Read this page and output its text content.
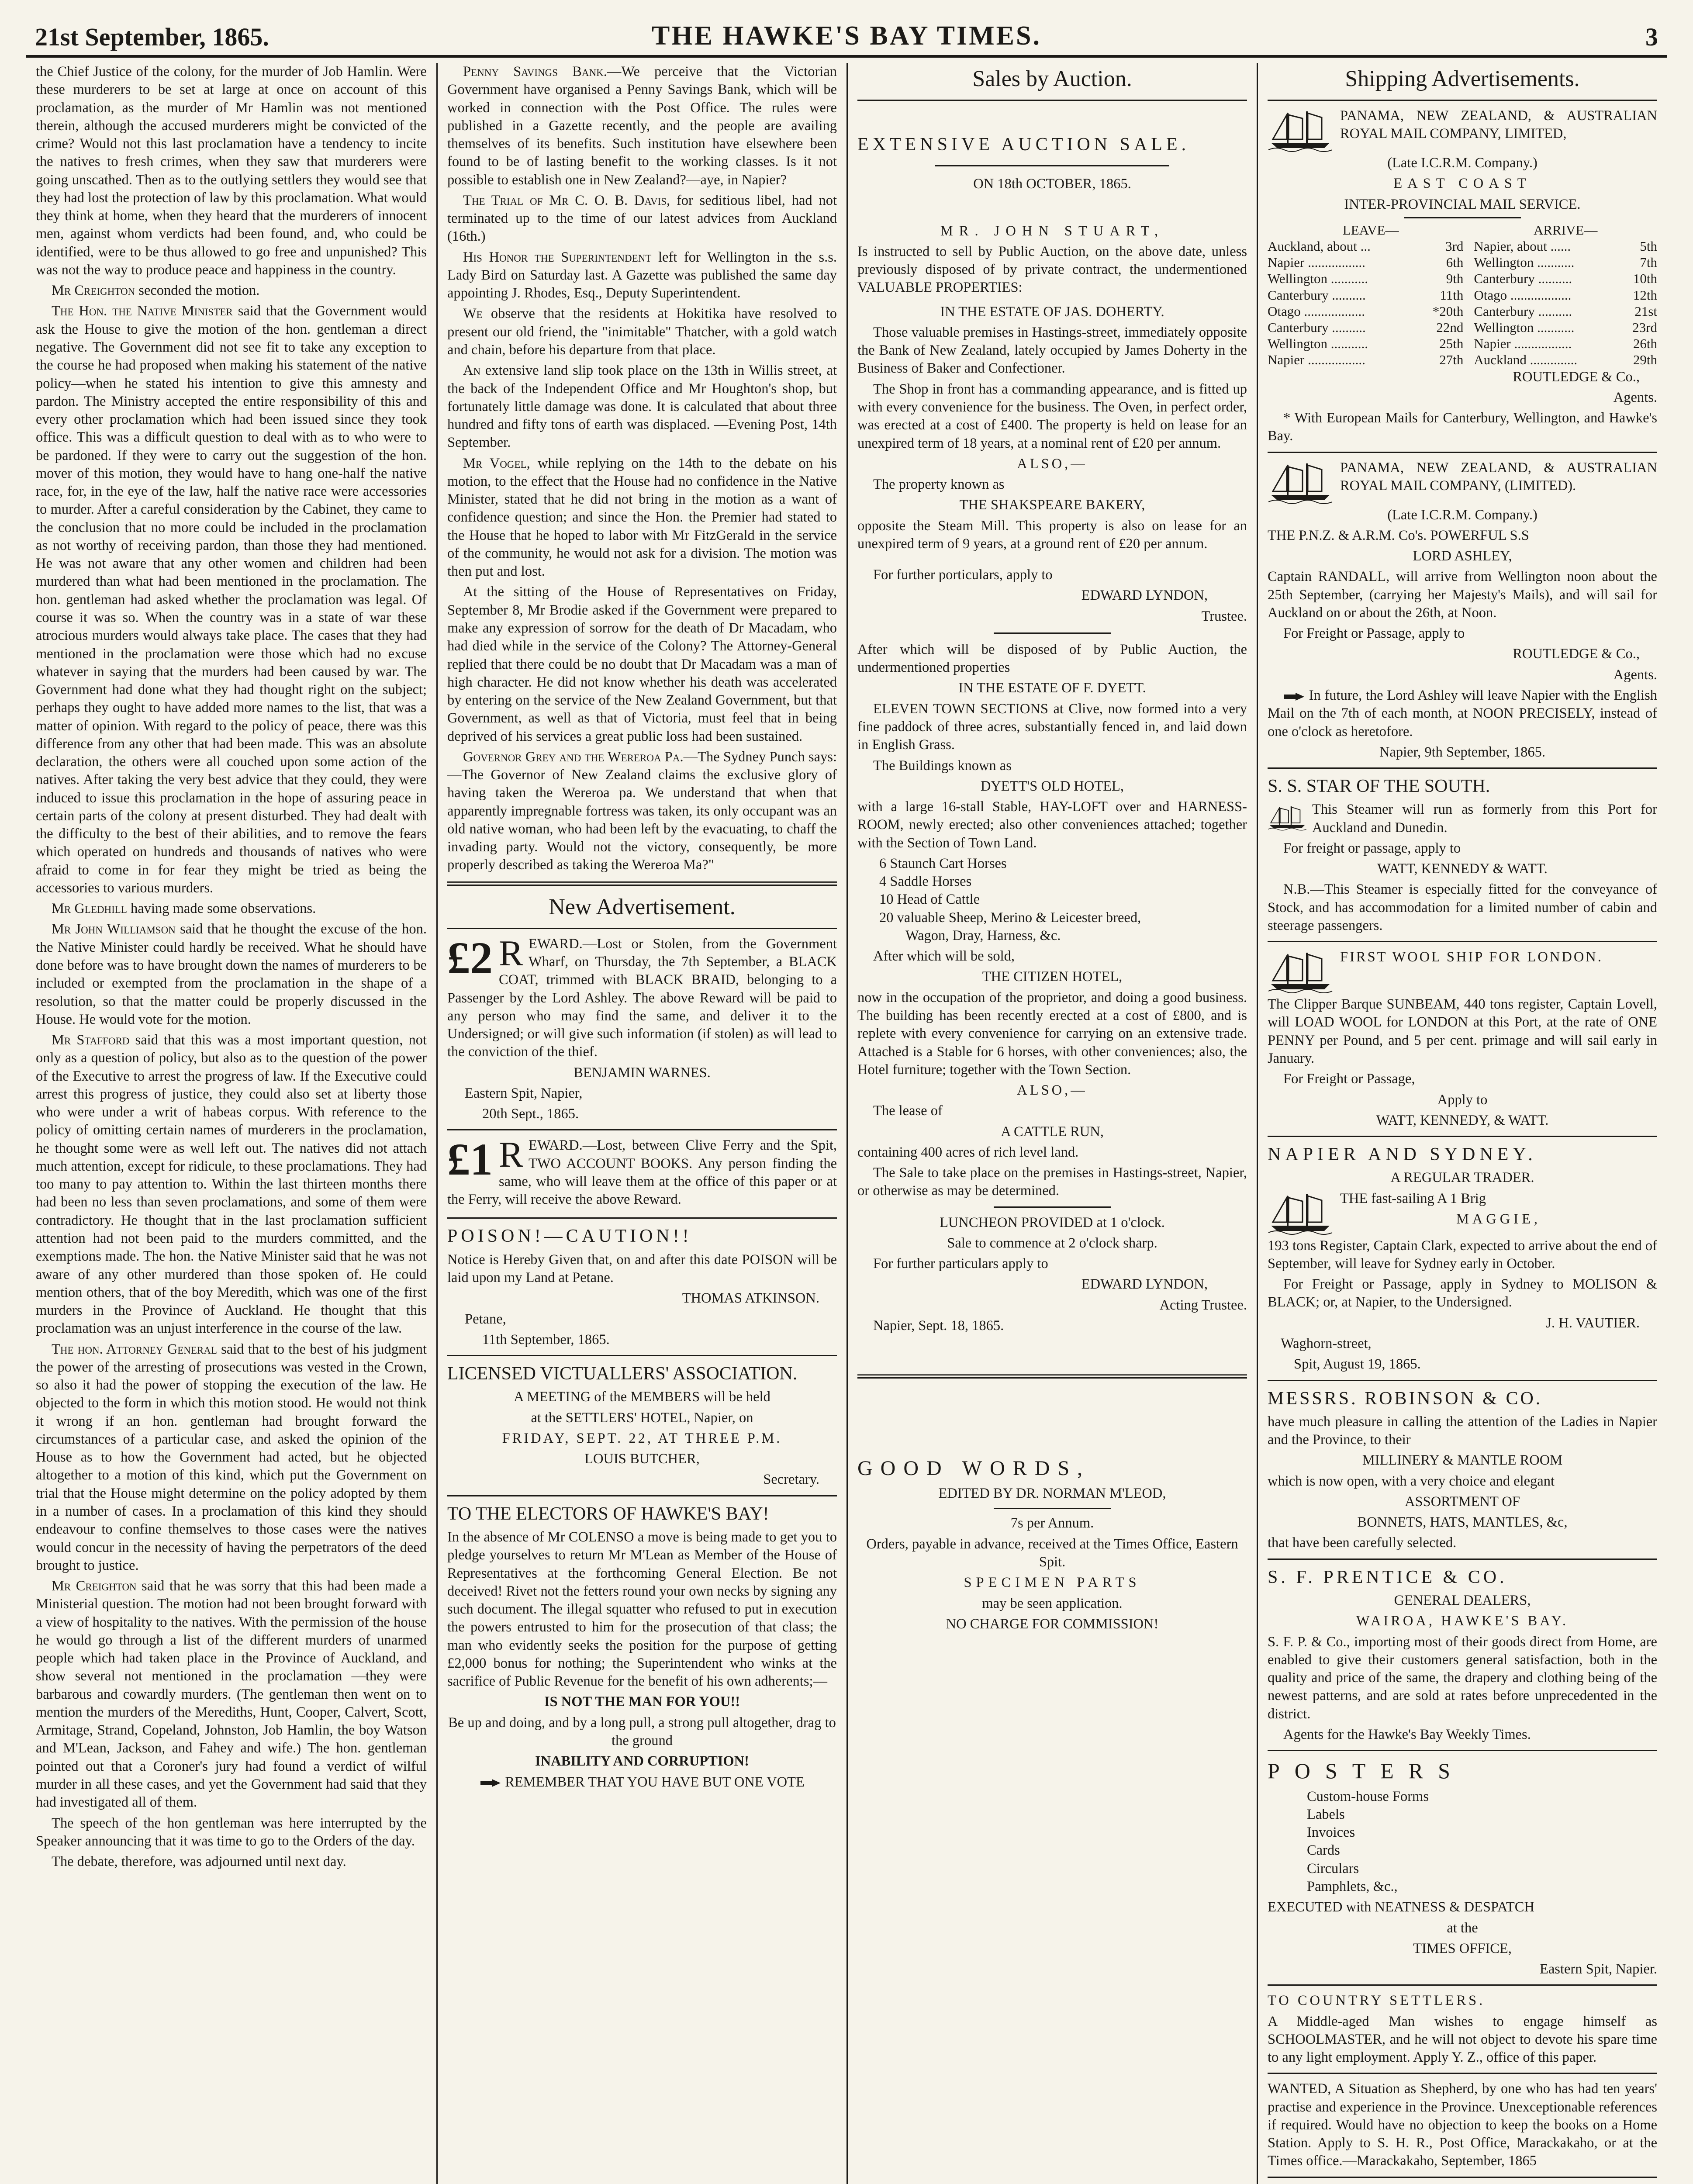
21st September, 1865.	THE HAWKE'S BAY TIMES.	3

the Chief Justice of the colony, for the murder of Job Hamlin. Were these murderers to be set at large at once on account of this proclamation, as the murder of Mr Hamlin was not mentioned therein, although the accused murderers might be convicted of the crime? Would not this last proclamation have a tendency to incite the natives to fresh crimes, when they saw that murderers were going unscathed. Then as to the outlying settlers they would see that they had lost the protection of law by this proclamation. What would they think at home, when they heard that the murderers of innocent men, against whom verdicts had been found, and, who could be identified, were to be thus allowed to go free and unpunished? This was not the way to produce peace and happiness in the country.

Mr Creighton seconded the motion.

The Hon. the Native Minister said that the Government would ask the House to give the motion of the hon. gentleman a direct negative. The Government did not see fit to take any exception to the course he had proposed when making his statement of the native policy—when he stated his intention to give this amnesty and pardon. The Ministry accepted the entire responsibility of this and every other proclamation which had been issued since they took office. This was a difficult question to deal with as to who were to be pardoned. If they were to carry out the suggestion of the hon. mover of this motion, they would have to hang one-half the native race, for, in the eye of the law, half the native race were accessories to murder. After a careful consideration by the Cabinet, they came to the conclusion that no more could be included in the proclamation as not worthy of receiving pardon, than those they had mentioned. He was not aware that any other women and children had been murdered than what had been mentioned in the proclamation. The hon. gentleman had asked whether the proclamation was legal. Of course it was so. When the country was in a state of war these atrocious murders would always take place. The cases that they had mentioned in the proclamation were those which had no excuse whatever in saying that the murders had been caused by war. The Government had done what they had thought right on the subject; perhaps they ought to have added more names to the list, that was a matter of opinion. With regard to the policy of peace, there was this difference from any other that had been made. This was an absolute declaration, the others were all couched upon some action of the natives. After taking the very best advice that they could, they were induced to issue this proclamation in the hope of assuring peace in certain parts of the colony at present disturbed. They had dealt with the difficulty to the best of their abilities, and to remove the fears which operated on hundreds and thousands of natives who were afraid to come in for fear they might be tried as being the accessories to various murders.

Mr Gledhill having made some observations.

Mr John Williamson said that he thought the excuse of the hon. the Native Minister could hardly be received. What he should have done before was to have brought down the names of murderers to be included or exempted from the proclamation in the shape of a resolution, so that the matter could be properly discussed in the House. He would vote for the motion.

Mr Stafford said that this was a most important question, not only as a question of policy, but also as to the question of the power of the Executive to arrest the progress of law. If the Executive could arrest this progress of justice, they could also set at liberty those who were under a writ of habeas corpus. With reference to the policy of omitting certain names of murderers in the proclamation, he thought some were as well left out. The natives did not attach much attention, except for ridicule, to these proclamations. They had too many to pay attention to. Within the last thirteen months there had been no less than seven proclamations, and some of them were contradictory. He thought that in the last proclamation sufficient attention had not been paid to the murders committed, and the exemptions made. The hon. the Native Minister said that he was not aware of any other murdered than those spoken of. He could mention others, that of the boy Meredith, which was one of the first murders in the Province of Auckland. He thought that this proclamation was an unjust interference in the course of the law.

The hon. Attorney General said that to the best of his judgment the power of the arresting of prosecutions was vested in the Crown, so also it had the power of stopping the execution of the law. He objected to the form in which this motion stood. He would not think it wrong if an hon. gentleman had brought forward the circumstances of a particular case, and asked the opinion of the House as to how the Government had acted, but he objected altogether to a motion of this kind, which put the Government on trial that the House might determine on the policy adopted by them in a number of cases. In a proclamation of this kind they should endeavour to confine themselves to those cases were the natives would concur in the necessity of having the perpetrators of the deed brought to justice.

Mr Creighton said that he was sorry that this had been made a Ministerial question. The motion had not been brought forward with a view of hospitality to the natives. With the permission of the house he would go through a list of the different murders of unarmed people which had taken place in the Province of Auckland, and show several not mentioned in the proclamation —they were barbarous and cowardly murders. (The gentleman then went on to mention the murders of the Merediths, Hunt, Cooper, Calvert, Scott, Armitage, Strand, Copeland, Johnston, Job Hamlin, the boy Watson and M'Lean, Jackson, and Fahey and wife.) The hon. gentleman pointed out that a Coroner's jury had found a verdict of wilful murder in all these cases, and yet the Government had said that they had investigated all of them.

The speech of the hon gentleman was here interrupted by the Speaker announcing that it was time to go to the Orders of the day.

The debate, therefore, was adjourned until next day.

Penny Savings Bank.—We perceive that the Victorian Government have organised a Penny Savings Bank, which will be worked in connection with the Post Office. The rules were published in a Gazette recently, and the people are availing themselves of its benefits. Such institution have elsewhere been found to be of lasting benefit to the working classes. Is it not possible to establish one in New Zealand?—aye, in Napier?

The Trial of Mr C. O. B. Davis, for seditious libel, had not terminated up to the time of our latest advices from Auckland (16th.)

His Honor the Superintendent left for Wellington in the s.s. Lady Bird on Saturday last. A Gazette was published the same day appointing J. Rhodes, Esq., Deputy Superintendent.

We observe that the residents at Hokitika have resolved to present our old friend, the "inimitable" Thatcher, with a gold watch and chain, before his departure from that place.

An extensive land slip took place on the 13th in Willis street, at the back of the Independent Office and Mr Houghton's shop, but fortunately little damage was done. It is calculated that about three hundred and fifty tons of earth was displaced. —Evening Post, 14th September.

Mr Vogel, while replying on the 14th to the debate on his motion, to the effect that the House had no confidence in the Native Minister, stated that he did not bring in the motion as a want of confidence question; and since the Hon. the Premier had stated to the House that he hoped to labor with Mr FitzGerald in the service of the community, he would not ask for a division. The motion was then put and lost.

At the sitting of the House of Representatives on Friday, September 8, Mr Brodie asked if the Government were prepared to make any expression of sorrow for the death of Dr Macadam, who had died while in the service of the Colony? The Attorney-General replied that there could be no doubt that Dr Macadam was a man of high character. He did not know whether his death was accelerated by entering on the service of the New Zealand Government, but that Government, as well as that of Victoria, must feel that in being deprived of his services a great public loss had been sustained.

Governor Grey and the Wereroa Pa.—The Sydney Punch says:—The Governor of New Zealand claims the exclusive glory of having taken the Wereroa pa. We understand that when that apparently impregnable fortress was taken, its only occupant was an old native woman, who had been left by the evacuating, to chaff the invading party. Would not the victory, consequently, be more properly described as taking the Wereroa Ma?"

New Advertisement.
£2 R EWARD.—Lost or Stolen, from the Government Wharf, on Thursday, the 7th September, a BLACK COAT, trimmed with BLACK BRAID, belonging to a Passenger by the Lord Ashley. The above Reward will be paid to any person who may find the same, and deliver it to the Undersigned; or will give such information (if stolen) as will lead to the conviction of the thief.

BENJAMIN WARNES.

Eastern Spit, Napier,

20th Sept., 1865.

£1 R EWARD.—Lost, between Clive Ferry and the Spit, TWO ACCOUNT BOOKS. Any person finding the same, who will leave them at the office of this paper or at the Ferry, will receive the above Reward.

POISON!—CAUTION!!

Notice is Hereby Given that, on and after this date POISON will be laid upon my Land at Petane.

THOMAS ATKINSON.

Petane,

11th September, 1865.

LICENSED VICTUALLERS' ASSOCIATION.

A MEETING of the MEMBERS will be held

at the SETTLERS' HOTEL, Napier, on

FRIDAY, SEPT. 22, AT THREE P.M.

LOUIS BUTCHER,

Secretary.

TO THE ELECTORS OF HAWKE'S BAY!

In the absence of Mr COLENSO a move is being made to get you to pledge yourselves to return Mr M'Lean as Member of the House of Representatives at the forthcoming General Election. Be not deceived! Rivet not the fetters round your own necks by signing any such document. The illegal squatter who refused to put in execution the powers entrusted to him for the prosecution of that class; the man who evidently seeks the position for the purpose of getting £2,000 bonus for nothing; the Superintendent who winks at the sacrifice of Public Revenue for the benefit of his own adherents;—

IS NOT THE MAN FOR YOU!!

Be up and doing, and by a long pull, a strong pull altogether, drag to the ground

INABILITY AND CORRUPTION!

REMEMBER THAT YOU HAVE BUT ONE VOTE

Sales by Auction.

EXTENSIVE AUCTION SALE.

ON 18th OCTOBER, 1865.

MR. JOHN STUART,

Is instructed to sell by Public Auction, on the above date, unless previously disposed of by private contract, the undermentioned VALUABLE PROPERTIES:

IN THE ESTATE OF JAS. DOHERTY.

Those valuable premises in Hastings-street, immediately opposite the Bank of New Zealand, lately occupied by James Doherty in the Business of Baker and Confectioner.

The Shop in front has a commanding appearance, and is fitted up with every convenience for the business. The Oven, in perfect order, was erected at a cost of £400. The property is held on lease for an unexpired term of 18 years, at a nominal rent of £20 per annum.

ALSO,—

The property known as

THE SHAKSPEARE BAKERY,

opposite the Steam Mill. This property is also on lease for an unexpired term of 9 years, at a ground rent of £20 per annum.

For further porticulars, apply to

EDWARD LYNDON,

Trustee.

After which will be disposed of by Public Auction, the undermentioned properties

IN THE ESTATE OF F. DYETT.

ELEVEN TOWN SECTIONS at Clive, now formed into a very fine paddock of three acres, substantially fenced in, and laid down in English Grass.

The Buildings known as

DYETT'S OLD HOTEL,

with a large 16-stall Stable, HAY-LOFT over and HARNESS-ROOM, newly erected; also other conveniences attached; together with the Section of Town Land.

6 Staunch Cart Horses
4 Saddle Horses
10 Head of Cattle
20 valuable Sheep, Merino & Leicester breed,
Wagon, Dray, Harness, &c.

After which will be sold,

THE CITIZEN HOTEL,

now in the occupation of the proprietor, and doing a good business. The building has been recently erected at a cost of £800, and is replete with every convenience for carrying on an extensive trade. Attached is a Stable for 6 horses, with other conveniences; also, the Hotel furniture; together with the Town Section.

ALSO,—

The lease of

A CATTLE RUN,

containing 400 acres of rich level land.

The Sale to take place on the premises in Hastings-street, Napier, or otherwise as may be determined.

LUNCHEON PROVIDED at 1 o'clock.

Sale to commence at 2 o'clock sharp.

For further particulars apply to

EDWARD LYNDON,

Acting Trustee.

Napier, Sept. 18, 1865.

GOOD WORDS,

EDITED BY DR. NORMAN M'LEOD,

7s per Annum.

Orders, payable in advance, received at the Times Office, Eastern Spit.

SPECIMEN PARTS

may be seen application.

NO CHARGE FOR COMMISSION!

Shipping Advertisements.

PANAMA, NEW ZEALAND, & AUSTRALIAN ROYAL MAIL COMPANY, LIMITED,

(Late I.C.R.M. Company.)

EAST COAST

INTER-PROVINCIAL MAIL SERVICE.

LEAVE—		ARRIVE—	
Auckland, about ...	3rd	Napier, about ......	5th
Napier .................	6th	Wellington ...........	7th
Wellington ...........	9th	Canterbury ..........	10th
Canterbury ..........	11th	Otago ..................	12th
Otago ..................	*20th	Canterbury ..........	21st
Canterbury ..........	22nd	Wellington ...........	23rd
Wellington ...........	25th	Napier .................	26th
Napier .................	27th	Auckland ..............	29th

ROUTLEDGE & Co.,

Agents.

* With European Mails for Canterbury, Wellington, and Hawke's Bay.

PANAMA, NEW ZEALAND, & AUSTRALIAN ROYAL MAIL COMPANY, (LIMITED).

(Late I.C.R.M. Company.)

THE P.N.Z. & A.R.M. Co's. POWERFUL S.S

LORD ASHLEY,

Captain RANDALL, will arrive from Wellington noon about the 25th September, (carrying her Majesty's Mails), and will sail for Auckland on or about the 26th, at Noon.

For Freight or Passage, apply to

ROUTLEDGE & Co.,

Agents.

In future, the Lord Ashley will leave Napier with the English Mail on the 7th of each month, at NOON PRECISELY, instead of one o'clock as heretofore.

Napier, 9th September, 1865.

S. S. STAR OF THE SOUTH.

This Steamer will run as formerly from this Port for Auckland and Dunedin.

For freight or passage, apply to

WATT, KENNEDY & WATT.

N.B.—This Steamer is especially fitted for the conveyance of Stock, and has accommodation for a limited number of cabin and steerage passengers.

FIRST WOOL SHIP FOR LONDON.

The Clipper Barque SUNBEAM, 440 tons register, Captain Lovell, will LOAD WOOL for LONDON at this Port, at the rate of ONE PENNY per Pound, and 5 per cent. primage and will sail early in January.

For Freight or Passage,

Apply to

WATT, KENNEDY, & WATT.

NAPIER AND SYDNEY.

A REGULAR TRADER.

THE fast-sailing A 1 Brig

MAGGIE,

193 tons Register, Captain Clark, expected to arrive about the end of September, will leave for Sydney early in October.

For Freight or Passage, apply in Sydney to MOLISON & BLACK; or, at Napier, to the Undersigned.

J. H. VAUTIER.

Waghorn-street,

Spit, August 19, 1865.

MESSRS. ROBINSON & CO.

have much pleasure in calling the attention of the Ladies in Napier and the Province, to their

MILLINERY & MANTLE ROOM

which is now open, with a very choice and elegant

ASSORTMENT OF

BONNETS, HATS, MANTLES, &c,

that have been carefully selected.

S. F. PRENTICE & CO.

GENERAL DEALERS,

WAIROA, HAWKE'S BAY.

S. F. P. & Co., importing most of their goods direct from Home, are enabled to give their customers general satisfaction, both in the quality and price of the same, the drapery and clothing being of the newest patterns, and are sold at rates before unprecedented in the district.

Agents for the Hawke's Bay Weekly Times.

POSTERS

Custom-house Forms
Labels
Invoices
Cards
Circulars
Pamphlets, &c.,

EXECUTED with NEATNESS & DESPATCH

at the

TIMES OFFICE,

Eastern Spit, Napier.

TO COUNTRY SETTLERS.

A Middle-aged Man wishes to engage himself as SCHOOLMASTER, and he will not object to devote his spare time to any light employment. Apply Y. Z., office of this paper.

WANTED, A Situation as Shepherd, by one who has had ten years' practise and experience in the Province. Unexceptionable references if required. Would have no objection to keep the books on a Home Station. Apply to S. H. R., Post Office, Marackakaho, or at the Times office.—Marackakaho, September, 1865
